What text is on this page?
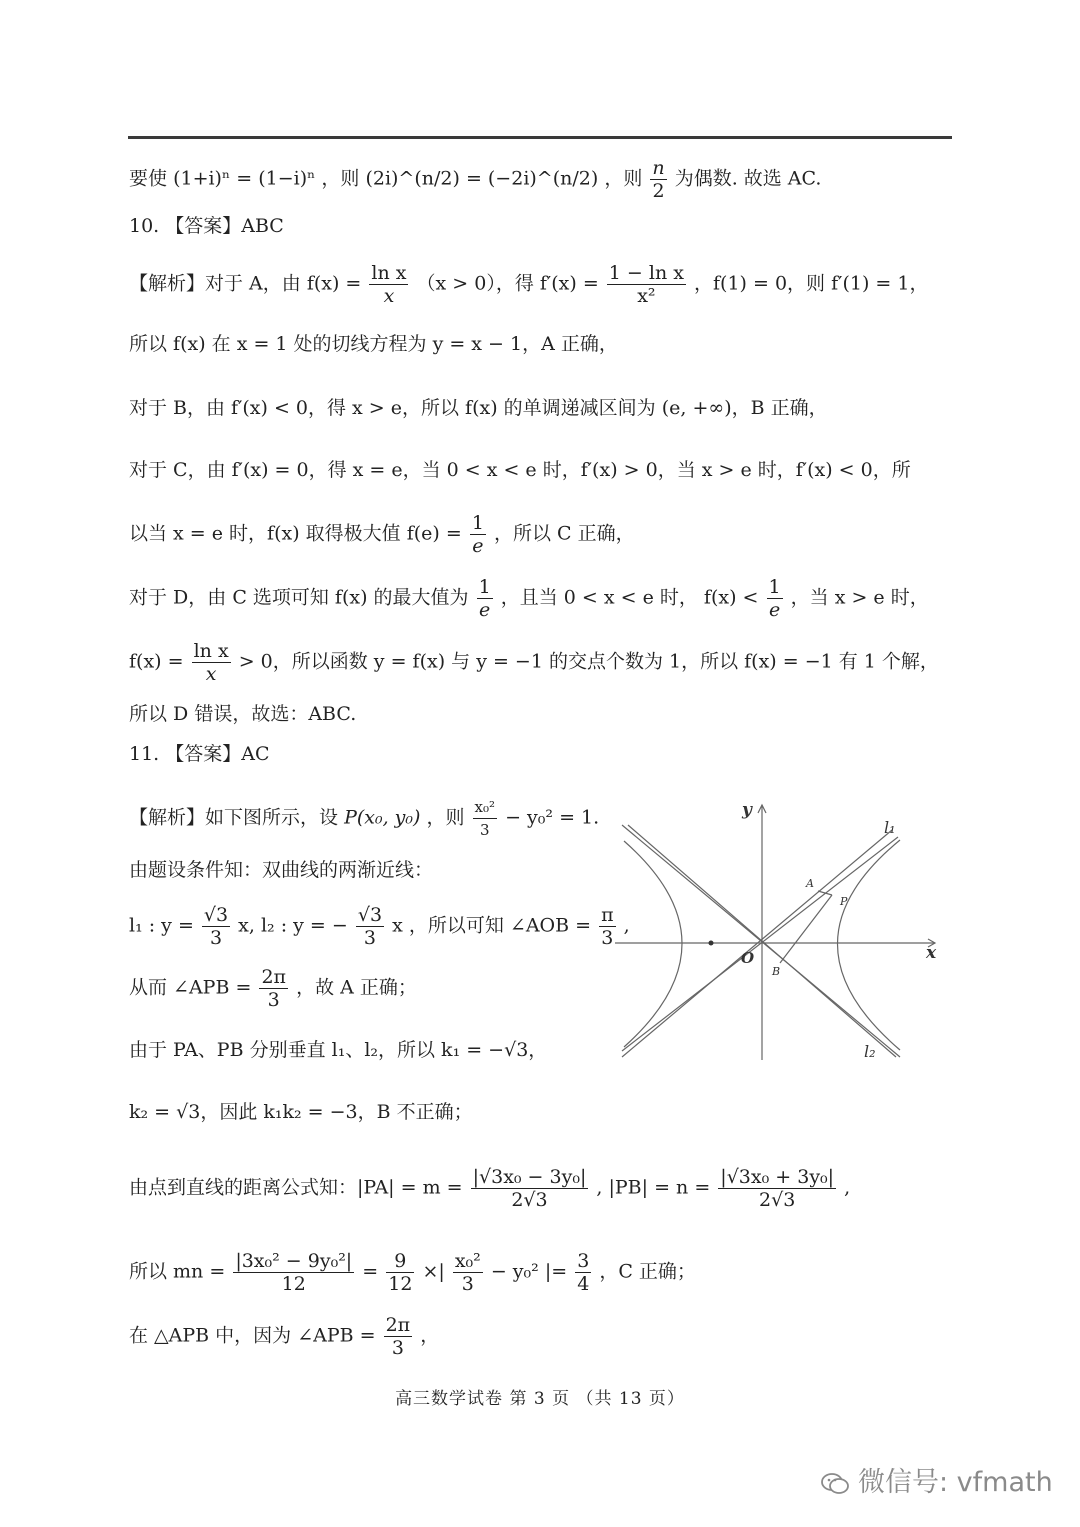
要使 (1+i)ⁿ = (1−i)ⁿ ，则 (2i)^(n/2) = (−2i)^(n/2) ，则 $\frac{n}{2}$ 为偶数. 故选 AC.
10. 【答案】ABC
【解析】对于 A，由 $f(x) = \frac{\text{ln x}}{x} (x > 0)$，得 $f'(x) = \frac{\text{1 − ln x}}{\text{x²}}$ ，f(1) = 0，则 f′(1) = 1，
所以 f(x) 在 x = 1 处的切线方程为 y = x − 1，A 正确，
对于 B，由 f′(x) < 0，得 x > e，所以 f(x) 的单调递减区间为 (e, +∞)，B 正确，
对于 C，由 f′(x) = 0，得 x = e，当 0 < x < e 时，f′(x) > 0，当 x > e 时，f′(x) < 0，所
以当 x = e 时，f(x) 取得极大值 $f(e) = \frac{1}{e}$ ，所以 C 正确，
对于 D，由 C 选项可知 f(x) 的最大值为 $\frac{1}{e}$ ，且当 0 < x < e 时， $f(x) < \frac{1}{e}$ ，当 x > e 时，
$f(x) = \frac{\text{ln x}}{x} > 0$，所以函数 y = f(x) 与 y = −1 的交点个数为 1，所以 f(x) = −1 有 1 个解，
所以 D 错误，故选：ABC.
11. 【答案】AC
【解析】如下图所示，设 P(x₀, y₀) ，则 $\frac{\text{x₀²}}{3} - y_0^2 = 1$.
由题设条件知：双曲线的两渐近线：
l₁ : $y = \frac{√3}{3} x$, l₂ : y = − $\frac{√3}{3}$ x ，所以可知 ∠AOB = $\frac{\pi}{3}$ ,
从而 ∠APB = $\frac{2\pi}{3}$ ，故 A 正确；
由于 PA、PB 分别垂直 l₁、l₂，所以 k₁ = −√3，
k₂ = √3，因此 k₁k₂ = −3，B 不正确；
由点到直线的距离公式知：$|PA| = m = \frac{\text{|√3x₀ − 3y₀|}}{2√3}$ , $|PB| = n = \frac{\text{|√3x₀ + 3y₀|}}{2√3}$ ,
所以 mn = $\frac{\text{|3x₀² − 9y₀²|}}{12} = \frac{9}{12}$ ×| $\frac{\text{x₀²}}{3} - y_0^2$ |= $\frac{3}{4}$ ，C 正确；
在 △APB 中，因为 ∠APB = $\frac{2\pi}{3}$ ，
y
x
O
A
P
B
l₁
l₂
高三数学试卷 第 3 页 （共 13 页）
微信号: vfmath
